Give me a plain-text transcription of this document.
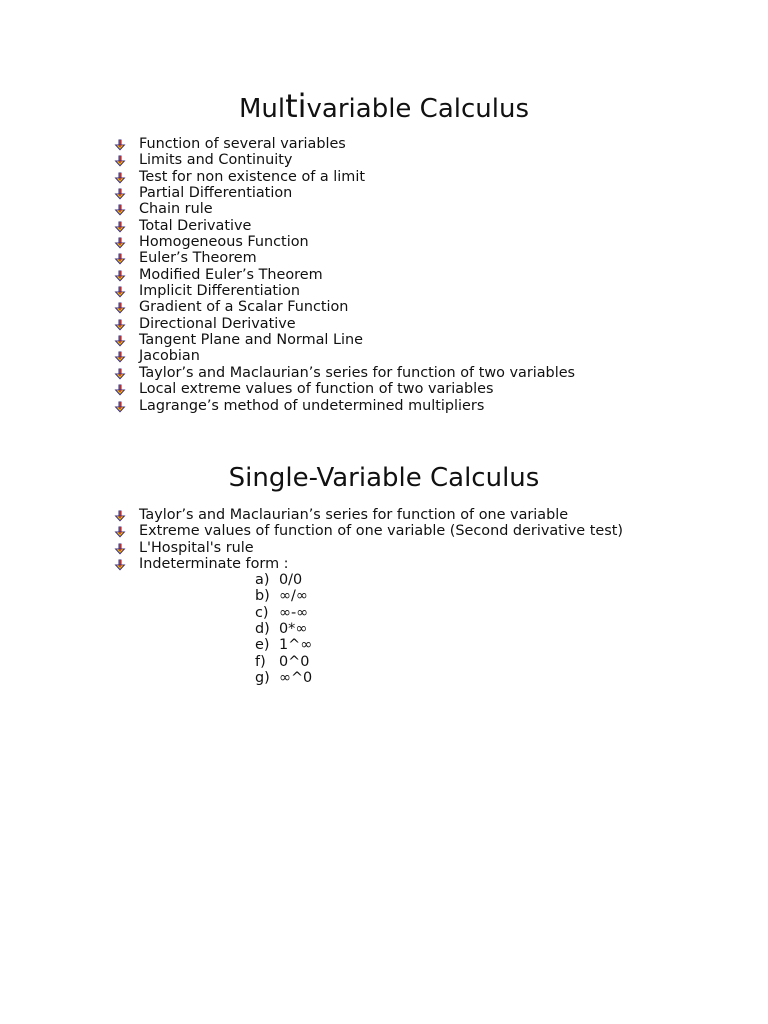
Multivariable Calculus
Function of several variables
Limits and Continuity
Test for non existence of a limit
Partial Differentiation
Chain rule
Total Derivative
Homogeneous Function
Euler’s Theorem
Modified Euler’s Theorem
Implicit Differentiation
Gradient of a Scalar Function
Directional Derivative
Tangent Plane and Normal Line
Jacobian
Taylor’s and Maclaurian’s series for function of two variables
Local extreme values of function of two variables
Lagrange’s method of undetermined multipliers
Single-Variable Calculus
Taylor’s and Maclaurian’s series for function of one variable
Extreme values of function of one variable (Second derivative test)
L'Hospital's rule
Indeterminate form :
a) 0/0
b) ∞/∞
c) ∞-∞
d) 0*∞
e) 1^∞
f) 0^0
g) ∞^0
